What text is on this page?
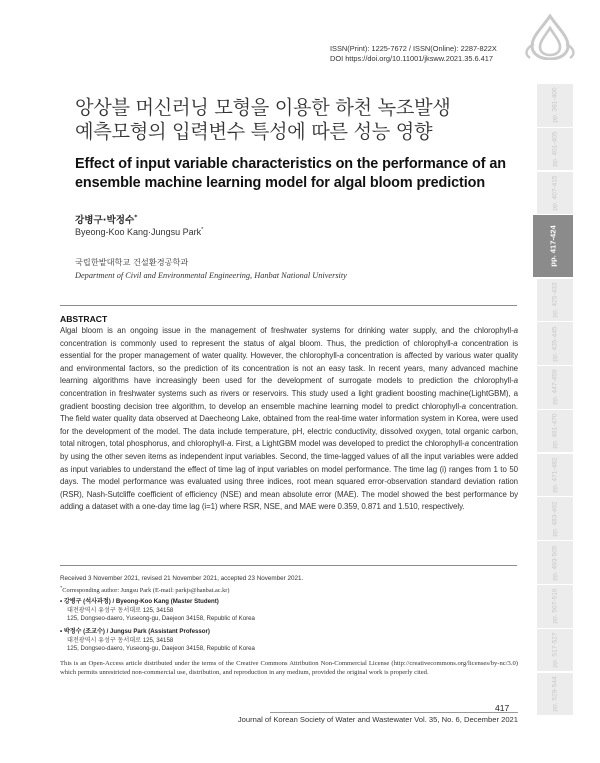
ISSN(Print): 1225-7672 / ISSN(Online): 2287-822X
DOI https://doi.org/10.11001/jksww.2021.35.6.417
앙상블 머신러닝 모형을 이용한 하천 녹조발생
예측모형의 입력변수 특성에 따른 성능 영향
Effect of input variable characteristics on the performance of an
ensemble machine learning model for algal bloom prediction
강병구·박정수*
Byeong-Koo Kang·Jungsu Park*
국립한밭대학교 건설환경공학과
Department of Civil and Environmental Engineering, Hanbat National University
ABSTRACT
Algal bloom is an ongoing issue in the management of freshwater systems for drinking water supply, and the chlorophyll-a concentration is commonly used to represent the status of algal bloom. Thus, the prediction of chlorophyll-a concentration is essential for the proper management of water quality. However, the chlorophyll-a concentration is affected by various water quality and environmental factors, so the prediction of its concentration is not an easy task. In recent years, many advanced machine learning algorithms have increasingly been used for the development of surrogate models to prediction the chlorophyll-a concentration in freshwater systems such as rivers or reservoirs. This study used a light gradient boosting machine(LightGBM), a gradient boosting decision tree algorithm, to develop an ensemble machine learning model to predict chlorophyll-a concentration. The field water quality data observed at Daecheong Lake, obtained from the real-time water information system in Korea, were used for the development of the model. The data include temperature, pH, electric conductivity, dissolved oxygen, total organic carbon, total nitrogen, total phosphorus, and chlorophyll-a. First, a LightGBM model was developed to predict the chlorophyll-a concentration by using the other seven items as independent input variables. Second, the time-lagged values of all the input variables were added as input variables to understand the effect of time lag of input variables on model performance. The time lag (i) ranges from 1 to 50 days. The model performance was evaluated using three indices, root mean squared error-observation standard deviation ration (RSR), Nash-Sutcliffe coefficient of efficiency (NSE) and mean absolute error (MAE). The model showed the best performance by adding a dataset with a one-day time lag (i=1) where RSR, NSE, and MAE were 0.359, 0.871 and 1.510, respectively.
Received 3 November 2021, revised 21 November 2021, accepted 23 November 2021.
*Corresponding author: Jungsu Park (E-mail: parkjs@hanbat.ac.kr)
• 강병구 (석사과정) / Byeong-Koo Kang (Master Student)
대전광역시 유성구 동서대로 125, 34158
125, Dongseo-daero, Yuseong-gu, Daejeon 34158, Republic of Korea
• 박정수 (조교수) / Jungsu Park (Assistant Professor)
대전광역시 유성구 동서대로 125, 34158
125, Dongseo-daero, Yuseong-gu, Daejeon 34158, Republic of Korea
This is an Open-Access article distributed under the terms of the Creative Commons Attribution Non-Commercial License (http://creativecommons.org/licenses/by-nc/3.0) which permits unrestricted non-commercial use, distribution, and reproduction in any medium, provided the original work is properly cited.
417
Journal of Korean Society of Water and Wastewater Vol. 35, No. 6, December 2021
pp. 381-400
pp. 401-405
pp. 407-415
pp. 417-424
pp. 425-433
pp. 435-445
pp. 447-459
pp. 461-470
pp. 471-482
pp. 483-492
pp. 493-505
pp. 507-516
pp. 517-527
pp. 529-544
